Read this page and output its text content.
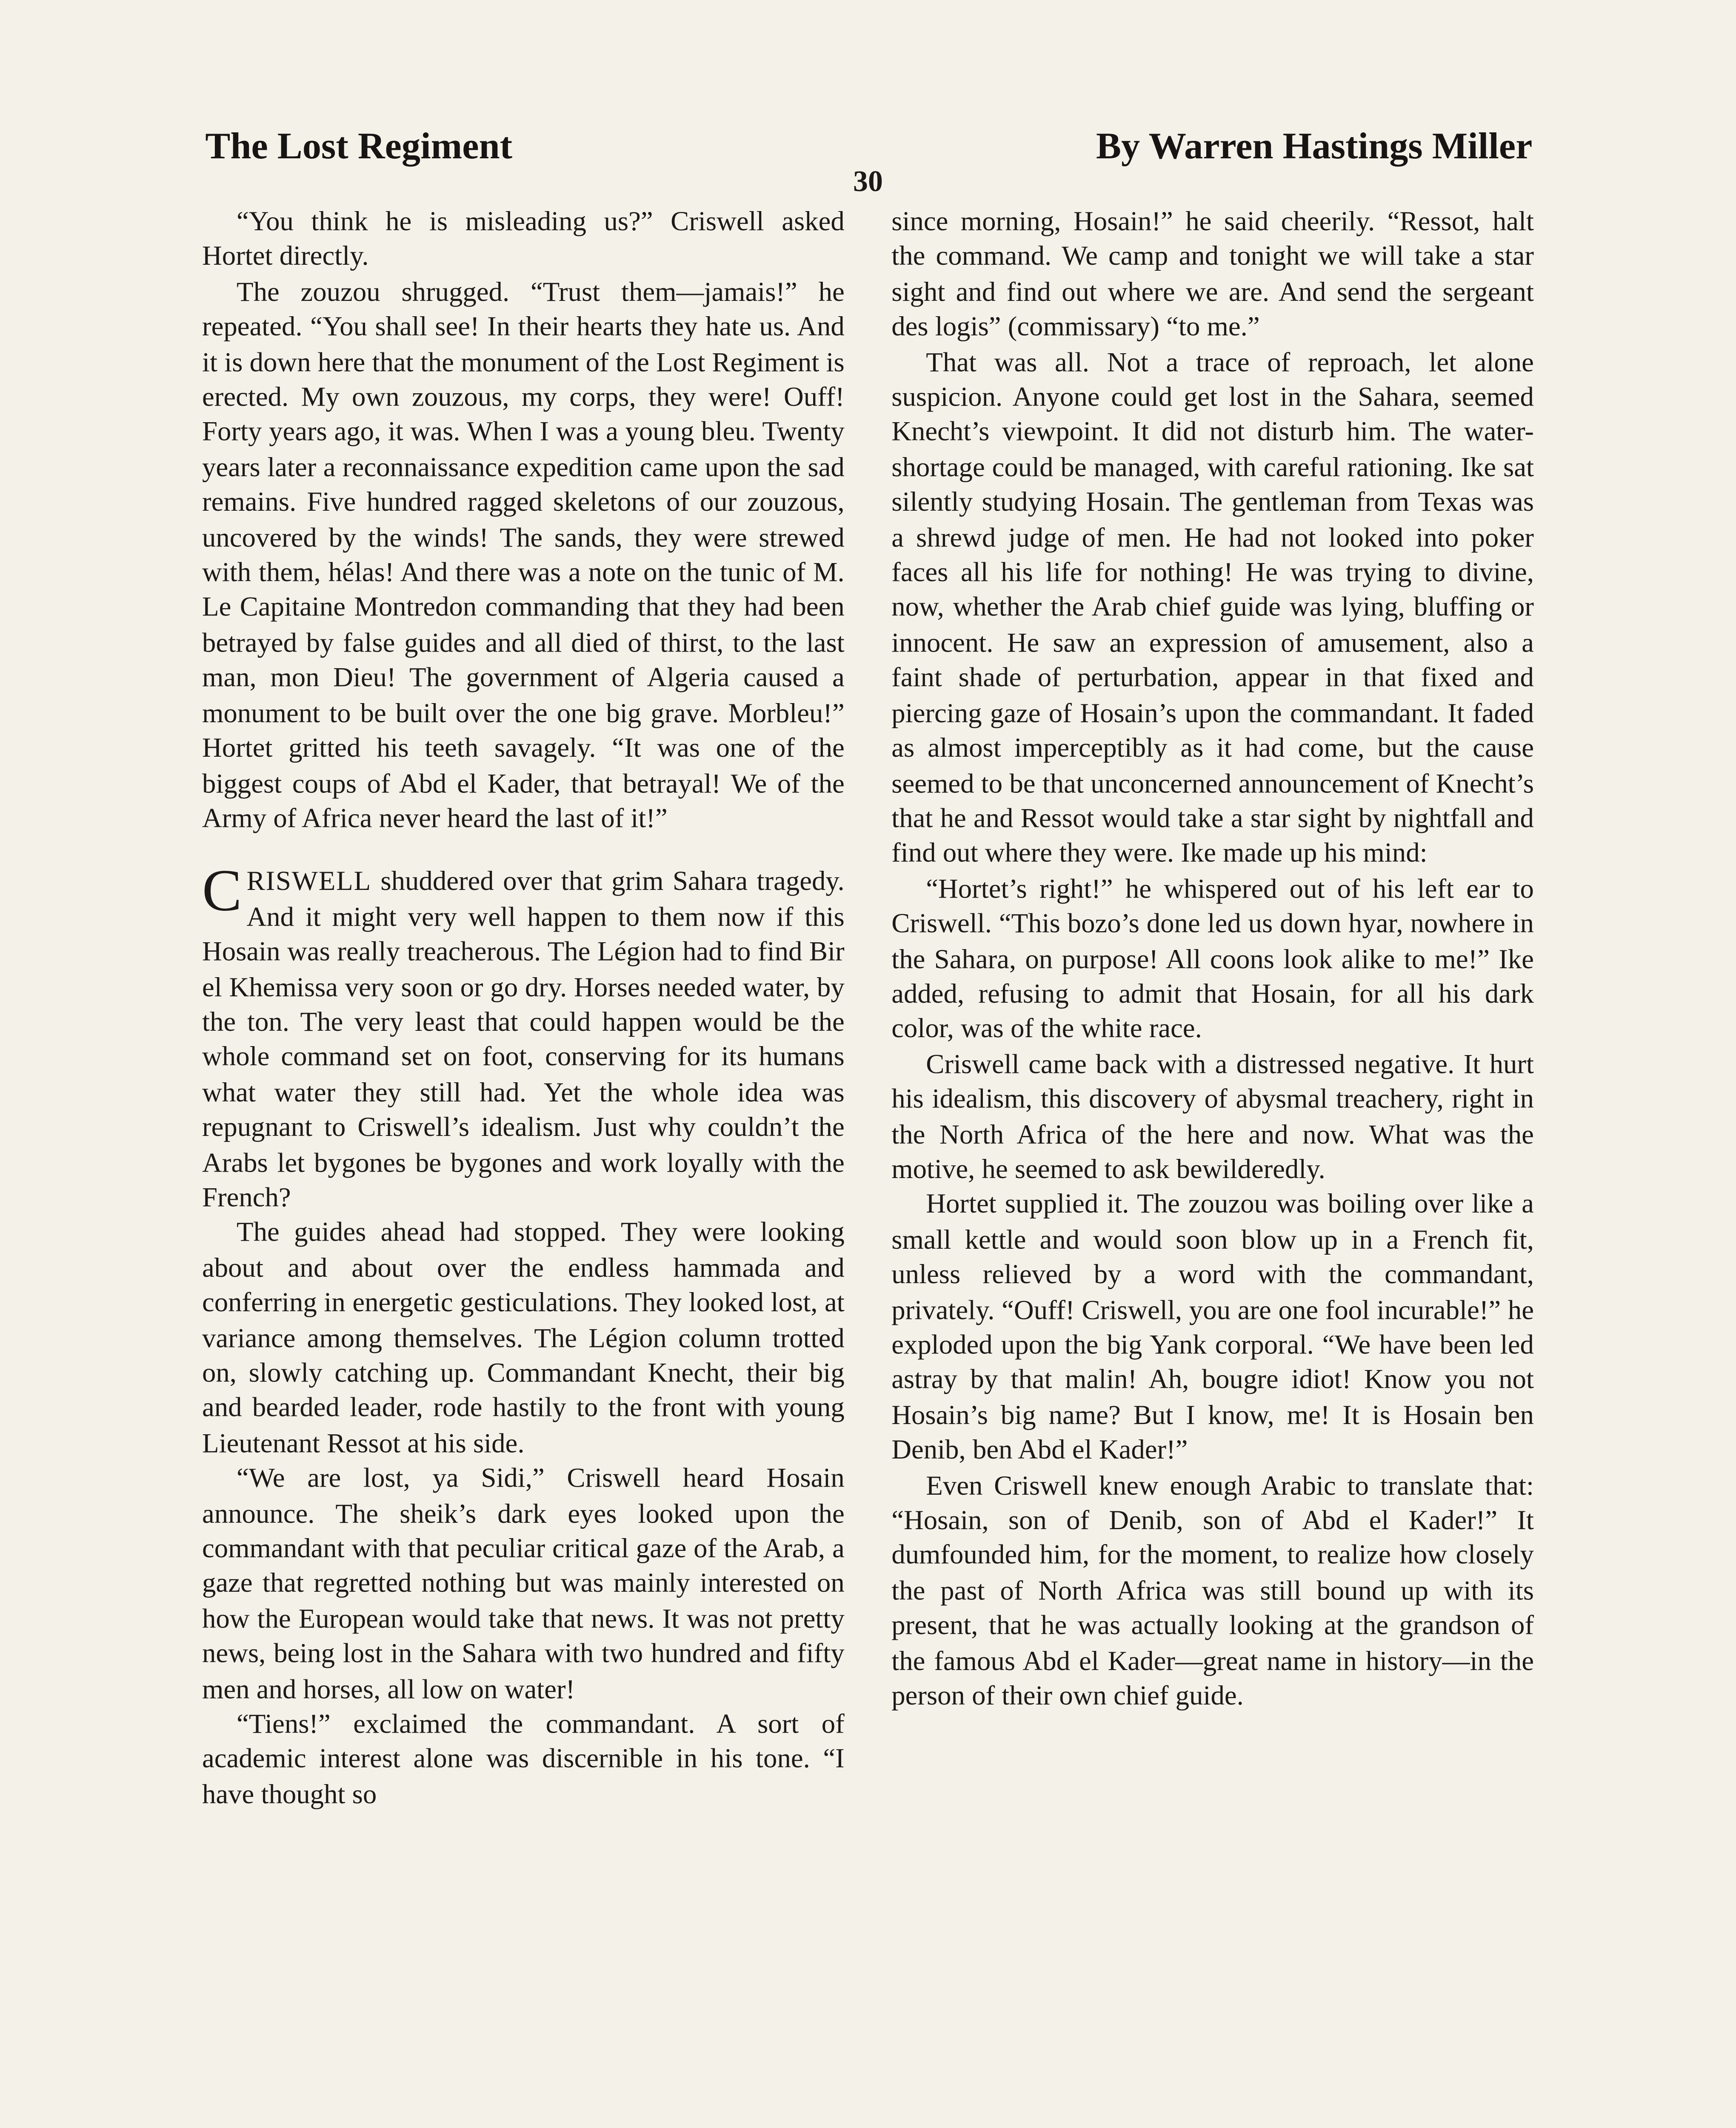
The Lost Regiment
30
By Warren Hastings Miller

“You think he is misleading us?” Criswell asked Hortet directly.

The zouzou shrugged. “Trust them—jamais!” he repeated. “You shall see! In their hearts they hate us. And it is down here that the monument of the Lost Regiment is erected. My own zouzous, my corps, they were! Ouff! Forty years ago, it was. When I was a young bleu. Twenty years later a reconnaissance expedition came upon the sad remains. Five hundred ragged skeletons of our zouzous, uncovered by the winds! The sands, they were strewed with them, hélas! And there was a note on the tunic of M. Le Capitaine Montredon commanding that they had been betrayed by false guides and all died of thirst, to the last man, mon Dieu! The government of Algeria caused a monument to be built over the one big grave. Morbleu!” Hortet gritted his teeth savagely. “It was one of the biggest coups of Abd el Kader, that betrayal! We of the Army of Africa never heard the last of it!”

CRISWELL shuddered over that grim Sahara tragedy. And it might very well happen to them now if this Hosain was really treacherous. The Légion had to find Bir el Khemissa very soon or go dry. Horses needed water, by the ton. The very least that could happen would be the whole command set on foot, conserving for its humans what water they still had. Yet the whole idea was repugnant to Criswell’s idealism. Just why couldn’t the Arabs let bygones be bygones and work loyally with the French?

The guides ahead had stopped. They were looking about and about over the endless hammada and conferring in energetic gesticulations. They looked lost, at variance among themselves. The Légion column trotted on, slowly catching up. Commandant Knecht, their big and bearded leader, rode hastily to the front with young Lieutenant Ressot at his side.

“We are lost, ya Sidi,” Criswell heard Hosain announce. The sheik’s dark eyes looked upon the commandant with that peculiar critical gaze of the Arab, a gaze that regretted nothing but was mainly interested on how the European would take that news. It was not pretty news, being lost in the Sahara with two hundred and fifty men and horses, all low on water!

“Tiens!” exclaimed the commandant. A sort of academic interest alone was discernible in his tone. “I have thought so

since morning, Hosain!” he said cheerily. “Ressot, halt the command. We camp and tonight we will take a star sight and find out where we are. And send the sergeant des logis” (commissary) “to me.”

That was all. Not a trace of reproach, let alone suspicion. Anyone could get lost in the Sahara, seemed Knecht’s viewpoint. It did not disturb him. The water-shortage could be managed, with careful rationing. Ike sat silently studying Hosain. The gentleman from Texas was a shrewd judge of men. He had not looked into poker faces all his life for nothing! He was trying to divine, now, whether the Arab chief guide was lying, bluffing or innocent. He saw an expression of amusement, also a faint shade of perturbation, appear in that fixed and piercing gaze of Hosain’s upon the commandant. It faded as almost imperceptibly as it had come, but the cause seemed to be that unconcerned announcement of Knecht’s that he and Ressot would take a star sight by nightfall and find out where they were. Ike made up his mind:

“Hortet’s right!” he whispered out of his left ear to Criswell. “This bozo’s done led us down hyar, nowhere in the Sahara, on purpose! All coons look alike to me!” Ike added, refusing to admit that Hosain, for all his dark color, was of the white race.

Criswell came back with a distressed negative. It hurt his idealism, this discovery of abysmal treachery, right in the North Africa of the here and now. What was the motive, he seemed to ask bewilderedly.

Hortet supplied it. The zouzou was boiling over like a small kettle and would soon blow up in a French fit, unless relieved by a word with the commandant, privately. “Ouff! Criswell, you are one fool incurable!” he exploded upon the big Yank corporal. “We have been led astray by that malin! Ah, bougre idiot! Know you not Hosain’s big name? But I know, me! It is Hosain ben Denib, ben Abd el Kader!”

Even Criswell knew enough Arabic to translate that: “Hosain, son of Denib, son of Abd el Kader!” It dumfounded him, for the moment, to realize how closely the past of North Africa was still bound up with its present, that he was actually looking at the grandson of the famous Abd el Kader—great name in history—in the person of their own chief guide.
